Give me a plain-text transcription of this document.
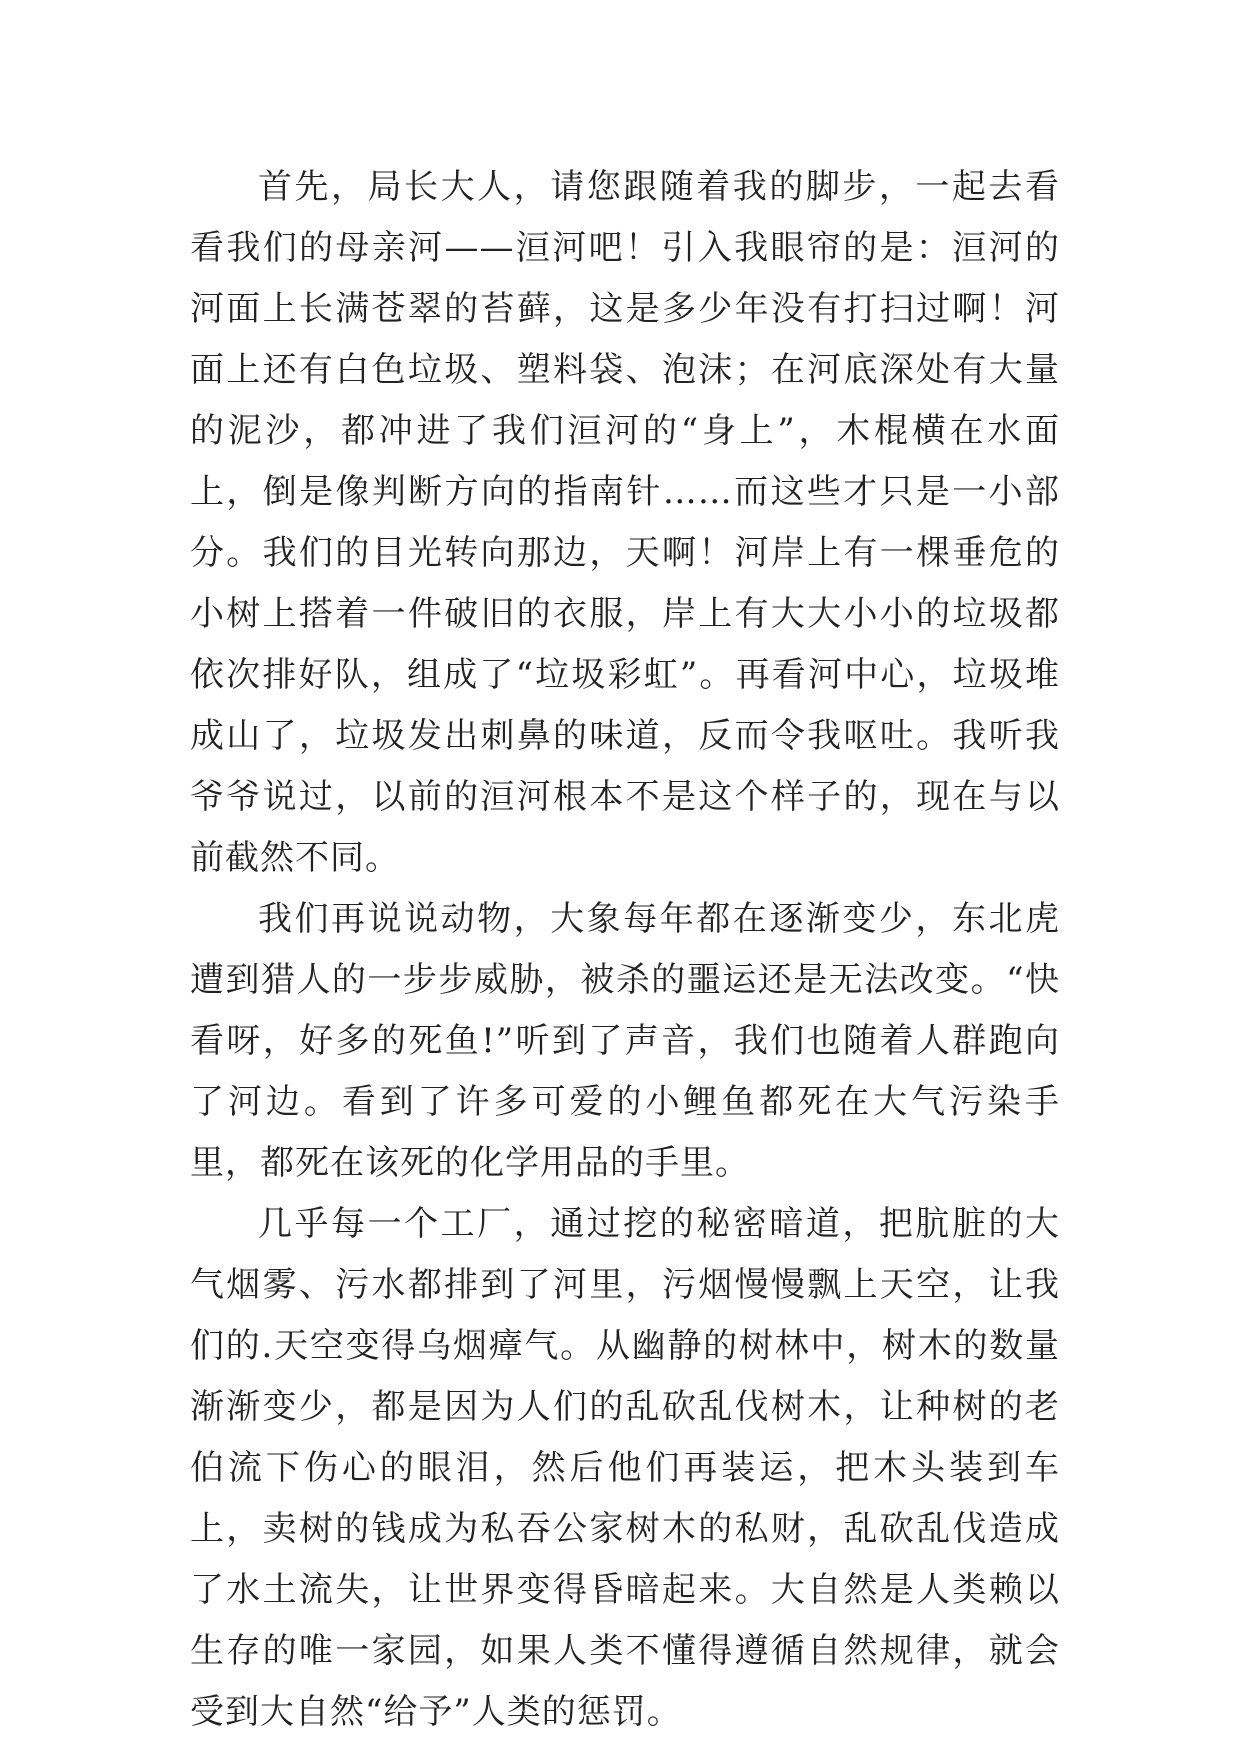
首先，局长大人，请您跟随着我的脚步，一起去看看我们的母亲河——洹河吧！引入我眼帘的是：洹河的河面上长满苍翠的苔藓，这是多少年没有打扫过啊！河面上还有白色垃圾、塑料袋、泡沫；在河底深处有大量的泥沙，都冲进了我们洹河的“身上”，木棍横在水面上，倒是像判断方向的指南针……而这些才只是一小部分。我们的目光转向那边，天啊！河岸上有一棵垂危的小树上搭着一件破旧的衣服，岸上有大大小小的垃圾都依次排好队，组成了“垃圾彩虹”。再看河中心，垃圾堆成山了，垃圾发出刺鼻的味道，反而令我呕吐。我听我爷爷说过，以前的洹河根本不是这个样子的，现在与以前截然不同。

我们再说说动物，大象每年都在逐渐变少，东北虎遭到猎人的一步步威胁，被杀的噩运还是无法改变。“快看呀，好多的死鱼!”听到了声音，我们也随着人群跑向了河边。看到了许多可爱的小鲤鱼都死在大气污染手里，都死在该死的化学用品的手里。

几乎每一个工厂，通过挖的秘密暗道，把肮脏的大气烟雾、污水都排到了河里，污烟慢慢飘上天空，让我们的.天空变得乌烟瘴气。从幽静的树林中，树木的数量渐渐变少，都是因为人们的乱砍乱伐树木，让种树的老伯流下伤心的眼泪，然后他们再装运，把木头装到车上，卖树的钱成为私吞公家树木的私财，乱砍乱伐造成了水土流失，让世界变得昏暗起来。大自然是人类赖以生存的唯一家园，如果人类不懂得遵循自然规律，就会受到大自然“给予”人类的惩罚。
